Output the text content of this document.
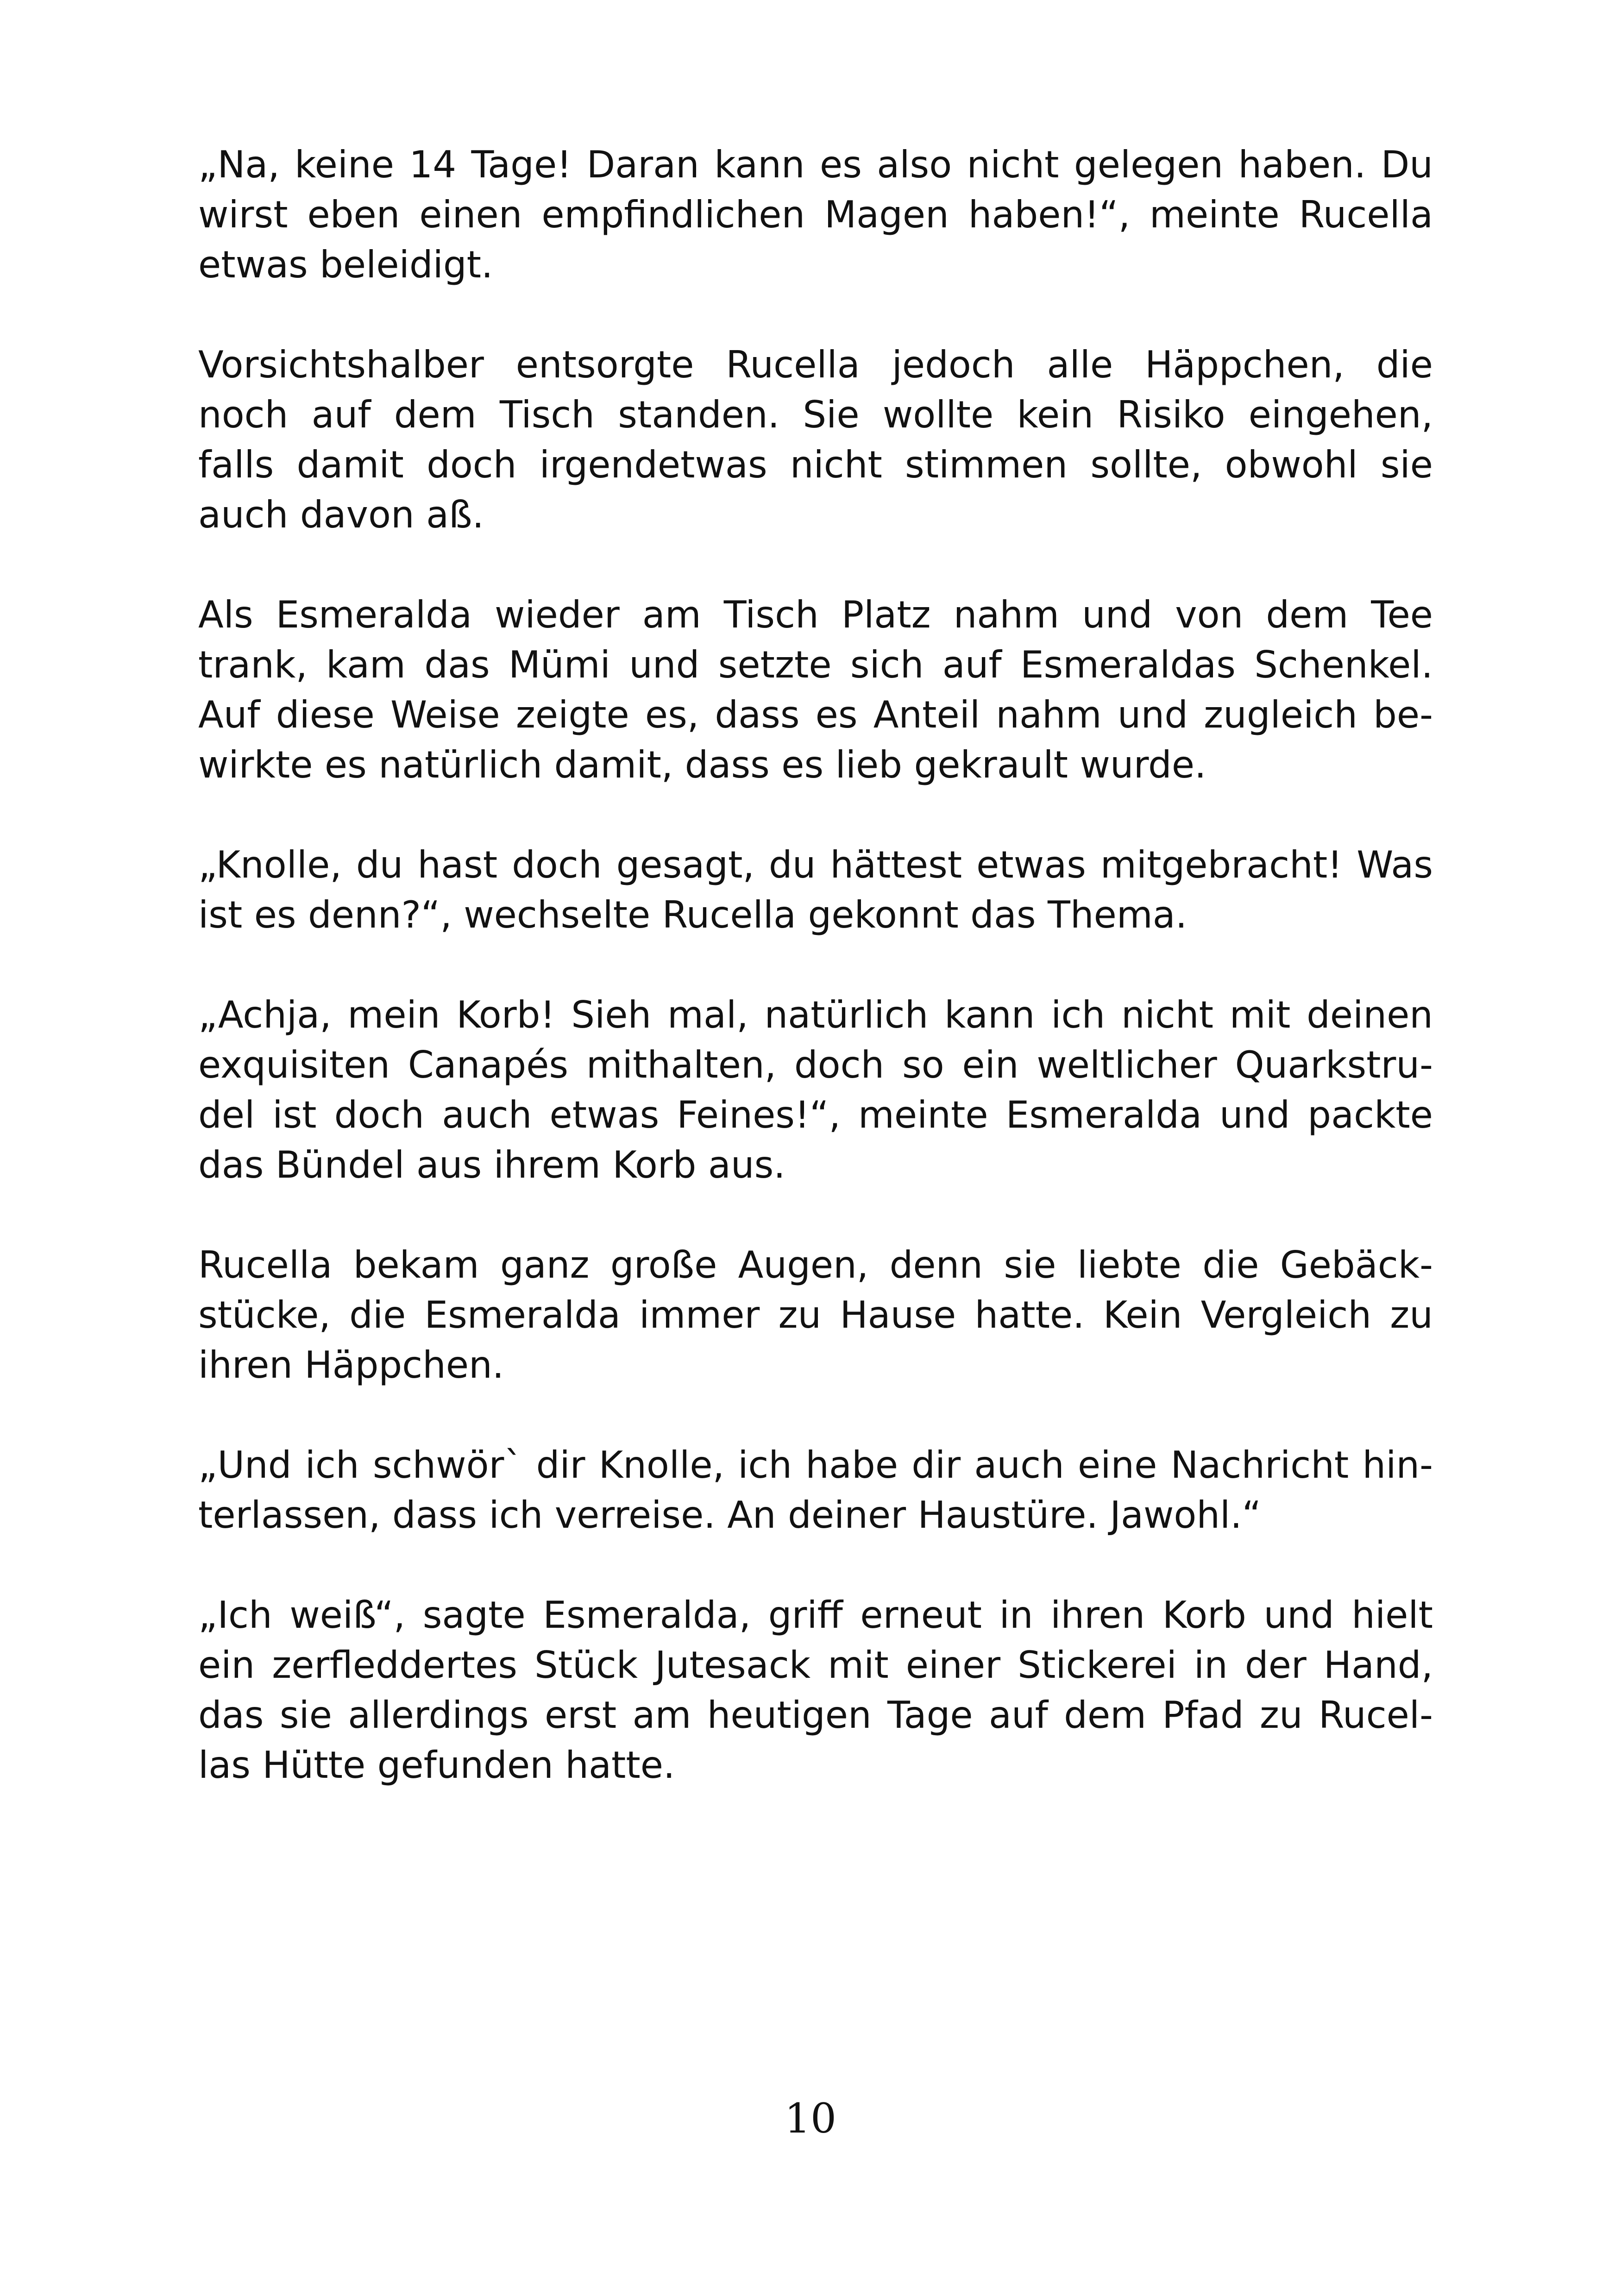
„Na, keine 14 Tage! Daran kann es also nicht gelegen haben. Du
wirst eben einen empfindlichen Magen haben!“, meinte Rucella
etwas beleidigt.

Vorsichtshalber entsorgte Rucella jedoch alle Häppchen, die
noch auf dem Tisch standen. Sie wollte kein Risiko eingehen,
falls damit doch irgendetwas nicht stimmen sollte, obwohl sie
auch davon aß.

Als Esmeralda wieder am Tisch Platz nahm und von dem Tee
trank, kam das Mümi und setzte sich auf Esmeraldas Schenkel.
Auf diese Weise zeigte es, dass es Anteil nahm und zugleich be-
wirkte es natürlich damit, dass es lieb gekrault wurde.

„Knolle, du hast doch gesagt, du hättest etwas mitgebracht! Was
ist es denn?“, wechselte Rucella gekonnt das Thema.

„Achja, mein Korb! Sieh mal, natürlich kann ich nicht mit deinen
exquisiten Canapés mithalten, doch so ein weltlicher Quarkstru-
del ist doch auch etwas Feines!“, meinte Esmeralda und packte
das Bündel aus ihrem Korb aus.

Rucella bekam ganz große Augen, denn sie liebte die Gebäck-
stücke, die Esmeralda immer zu Hause hatte. Kein Vergleich zu
ihren Häppchen.

„Und ich schwör` dir Knolle, ich habe dir auch eine Nachricht hin-
terlassen, dass ich verreise. An deiner Haustüre. Jawohl.“

„Ich weiß“, sagte Esmeralda, griff erneut in ihren Korb und hielt
ein zerfleddertes Stück Jutesack mit einer Stickerei in der Hand,
das sie allerdings erst am heutigen Tage auf dem Pfad zu Rucel-
las Hütte gefunden hatte.

10
